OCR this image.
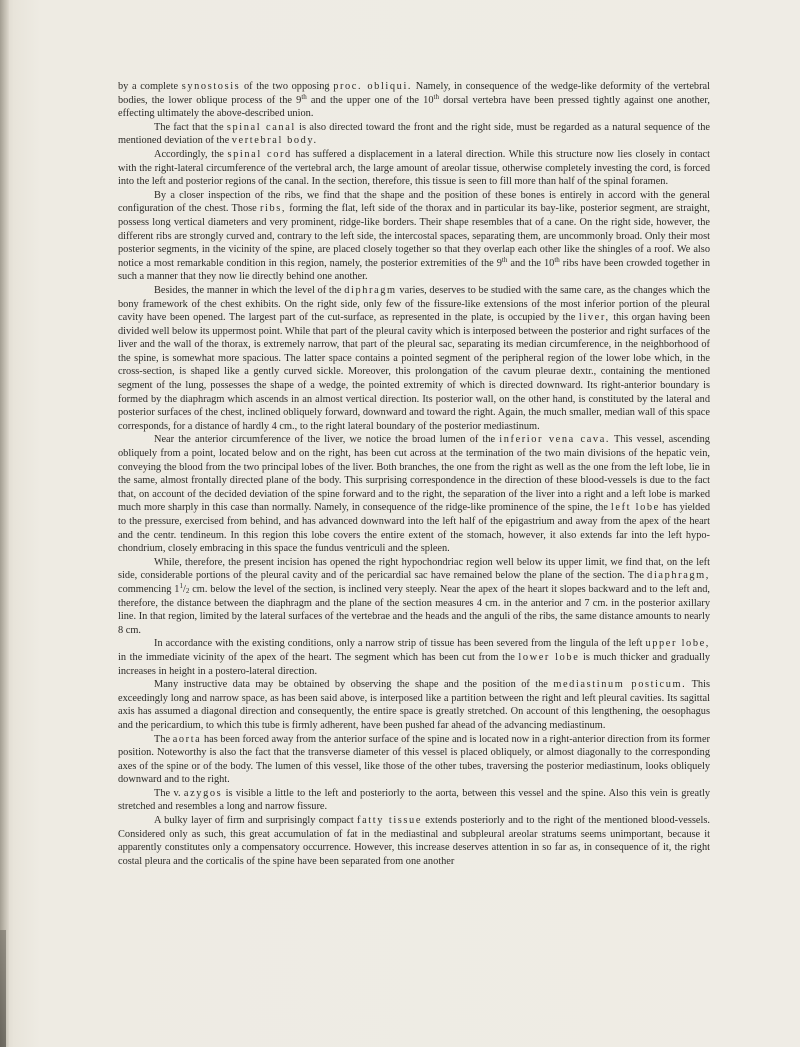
by a complete synostosis of the two opposing proc. obliqui. Namely, in consequence of the wedge-like deformity of the vertebral bodies, the lower oblique process of the 9th and the upper one of the 10th dorsal vertebra have been pressed tightly against one another, effecting ultimately the above-described union.

The fact that the spinal canal is also directed toward the front and the right side, must be regarded as a natural sequence of the mentioned deviation of the vertebral body.

Accordingly, the spinal cord has suffered a displacement in a lateral direction. While this structure now lies closely in contact with the right-lateral circumference of the vertebral arch, the large amount of areolar tissue, otherwise completely investing the cord, is forced into the left and posterior regions of the canal. In the section, therefore, this tissue is seen to fill more than half of the spinal foramen.

By a closer inspection of the ribs, we find that the shape and the position of these bones is entirely in accord with the general configuration of the chest. Those ribs, forming the flat, left side of the thorax and in particular its bay-like, posterior segment, are straight, possess long vertical diameters and very prominent, ridge-like borders. Their shape resembles that of a cane. On the right side, however, the different ribs are strongly curved and, contrary to the left side, the intercostal spaces, separating them, are uncommonly broad. Only their most posterior segments, in the vicinity of the spine, are placed closely together so that they overlap each other like the shingles of a roof. We also notice a most remarkable condition in this region, namely, the posterior extremities of the 9th and the 10th ribs have been crowded together in such a manner that they now lie directly behind one another.

Besides, the manner in which the level of the diphragm varies, deserves to be studied with the same care, as the changes which the bony framework of the chest exhibits. On the right side, only few of the fissure-like extensions of the most inferior portion of the pleural cavity have been opened. The largest part of the cut-surface, as represented in the plate, is occupied by the liver, this organ having been divided well below its uppermost point. While that part of the pleural cavity which is interposed between the posterior and right surfaces of the liver and the wall of the thorax, is extremely narrow, that part of the pleural sac, separating its median circumference, in the neighborhood of the spine, is somewhat more spacious. The latter space contains a pointed segment of the peripheral region of the lower lobe which, in the cross-section, is shaped like a gently curved sickle. Moreover, this prolongation of the cavum pleurae dextr., containing the mentioned segment of the lung, possesses the shape of a wedge, the pointed extremity of which is directed downward. Its right-anterior boundary is formed by the diaphragm which ascends in an almost vertical direction. Its posterior wall, on the other hand, is constituted by the lateral and posterior surfaces of the chest, inclined obliquely forward, downward and toward the right. Again, the much smaller, median wall of this space corresponds, for a distance of hardly 4 cm., to the right lateral boundary of the posterior mediastinum.

Near the anterior circumference of the liver, we notice the broad lumen of the inferior vena cava. This vessel, ascending obliquely from a point, located below and on the right, has been cut across at the termination of the two main divisions of the hepatic vein, conveying the blood from the two principal lobes of the liver. Both branches, the one from the right as well as the one from the left lobe, lie in the same, almost frontally directed plane of the body. This surprising correspondence in the direction of these blood-vessels is due to the fact that, on account of the decided deviation of the spine forward and to the right, the separation of the liver into a right and a left lobe is marked much more sharply in this case than normally. Namely, in consequence of the ridge-like prominence of the spine, the left lobe has yielded to the pressure, exercised from behind, and has advanced downward into the left half of the epigastrium and away from the apex of the heart and the centr. tendineum. In this region this lobe covers the entire extent of the stomach, however, it also extends far into the left hypo-chondrium, closely embracing in this space the fundus ventriculi and the spleen.

While, therefore, the present incision has opened the right hypochondriac region well below its upper limit, we find that, on the left side, considerable portions of the pleural cavity and of the pericardial sac have remained below the plane of the section. The diaphragm, commencing $1^1/_2$ cm. below the level of the section, is inclined very steeply. Near the apex of the heart it slopes backward and to the left and, therefore, the distance between the diaphragm and the plane of the section measures 4 cm. in the anterior and 7 cm. in the posterior axillary line. In that region, limited by the lateral surfaces of the vertebrae and the heads and the anguli of the ribs, the same distance amounts to nearly 8 cm.

In accordance with the existing conditions, only a narrow strip of tissue has been severed from the lingula of the left upper lobe, in the immediate vicinity of the apex of the heart. The segment which has been cut from the lower lobe is much thicker and gradually increases in height in a postero-lateral direction.

Many instructive data may be obtained by observing the shape and the position of the mediastinum posticum. This exceedingly long and narrow space, as has been said above, is interposed like a partition between the right and left pleural cavities. Its sagittal axis has assumed a diagonal direction and consequently, the entire space is greatly stretched. On account of this lengthening, the oesophagus and the pericardium, to which this tube is firmly adherent, have been pushed far ahead of the advancing mediastinum.

The aorta has been forced away from the anterior surface of the spine and is located now in a right-anterior direction from its former position. Noteworthy is also the fact that the transverse diameter of this vessel is placed obliquely, or almost diagonally to the corresponding axes of the spine or of the body. The lumen of this vessel, like those of the other tubes, traversing the posterior mediastinum, looks obliquely downward and to the right.

The v. azygos is visible a little to the left and posteriorly to the aorta, between this vessel and the spine. Also this vein is greatly stretched and resembles a long and narrow fissure.

A bulky layer of firm and surprisingly compact fatty tissue extends posteriorly and to the right of the mentioned blood-vessels. Considered only as such, this great accumulation of fat in the mediastinal and subpleural areolar stratums seems unimportant, because it apparently constitutes only a compensatory occurrence. However, this increase deserves attention in so far as, in consequence of it, the right costal pleura and the corticalis of the spine have been separated from one another
